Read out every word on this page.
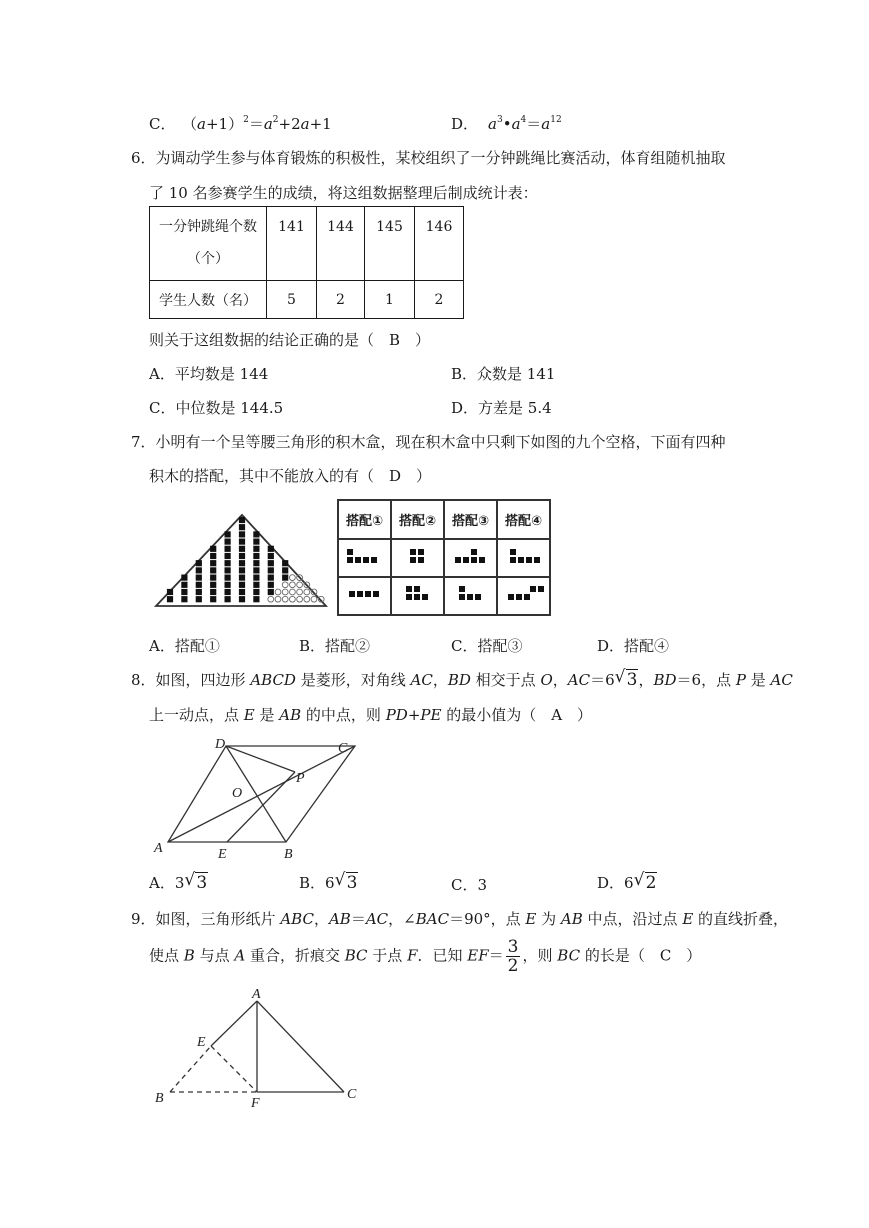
C． $(a+1)^2=a^2+2a+1$	D． $a^3•a^4=a^{12}$
6．为调动学生参与体育锻炼的积极性，某校组织了一分钟跳绳比赛活动，体育组随机抽取
了 10 名参赛学生的成绩，将这组数据整理后制成统计表：
一分钟跳绳个数
（个）	141	144	145	146
学生人数（名）	5	2	1	2
则关于这组数据的结论正确的是（　B　）
A．平均数是 144	B．众数是 141
C．中位数是 144.5	D．方差是 5.4
7．小明有一个呈等腰三角形的积木盒，现在积木盒中只剩下如图的九个空格，下面有四种
积木的搭配，其中不能放入的有（　D　）
搭配①	搭配②	搭配③	搭配④

A．搭配①	B．搭配②	C．搭配③	D．搭配④
8．如图，四边形 ABCD 是菱形，对角线 AC，BD 相交于点 O，AC＝6 √ 3，BD＝6，点 P 是 AC
上一动点，点 E 是 AB 的中点，则 PD+PE 的最小值为（　A　）
A	B
C
D
E
O
P
A．3 √ 3	B．6 √ 3	C．3	D．6 √ 2
9．如图，三角形纸片 ABC，AB＝AC，∠BAC＝90°，点 E 为 AB 中点，沿过点 E 的直线折叠，
使点 B 与点 A 重合，折痕交 BC 于点 F．已知 $EF= \frac{3}{2}$ ，则 BC 的长是（　C　）
A
B	C
E
F
